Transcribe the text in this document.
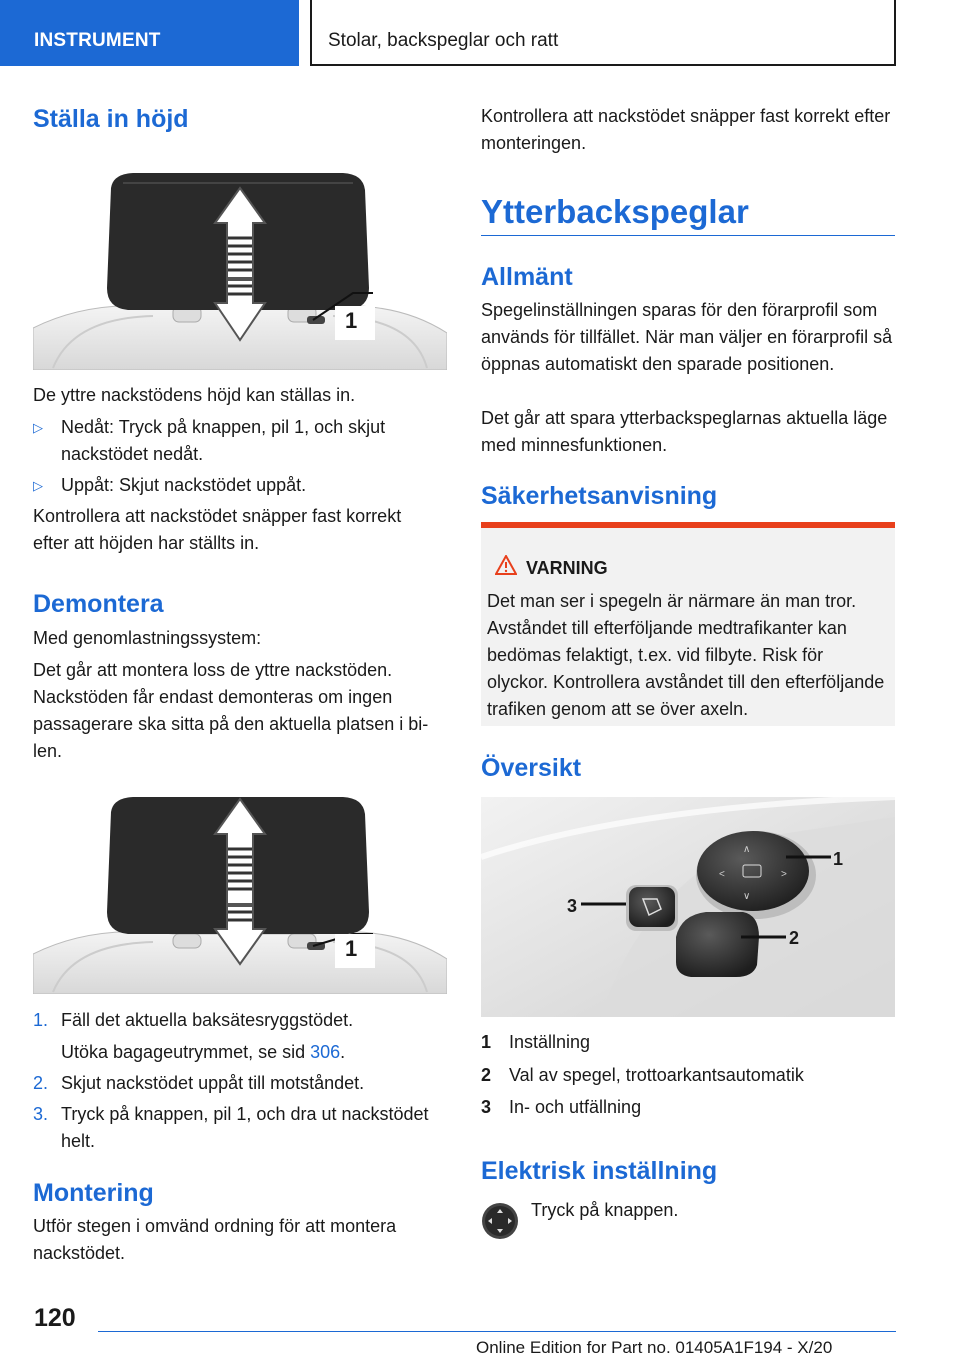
INSTRUMENT	Stolar, backspeglar och ratt
Ställa in höjd
1
De yttre nackstödens höjd kan ställas in.
▷ Nedåt: Tryck på knappen, pil 1, och skjut nackstödet nedåt.
▷ Uppåt: Skjut nackstödet uppåt.
Kontrollera att nackstödet snäpper fast korrekt efter att höjden har ställts in.
Demontera
Med genomlastningssystem:
Det går att montera loss de yttre nackstöden. Nackstöden får endast demonteras om ingen passagerare ska sitta på den aktuella platsen i bilen.
1
1. Fäll det aktuella baksätesryggstödet.
Utöka bagageutrymmet, se sid 306.
2. Skjut nackstödet uppåt till motståndet.
3. Tryck på knappen, pil 1, och dra ut nackstödet helt.
Montering
Utför stegen i omvänd ordning för att montera nackstödet.
Kontrollera att nackstödet snäpper fast korrekt efter monteringen.
Ytterbackspeglar
Allmänt
Spegelinställningen sparas för den förarprofil som används för tillfället. När man väljer en förarprofil så öppnas automatiskt den sparade positionen.
Det går att spara ytterbackspeglarnas aktuella läge med minnesfunktionen.
Säkerhetsanvisning
VARNING
Det man ser i spegeln är närmare än man tror. Avståndet till efterföljande medtrafikanter kan bedömas felaktigt, t.ex. vid filbyte. Risk för olyckor. Kontrollera avståndet till den efterföljande trafiken genom att se över axeln.
Översikt
∧
∨
<	>
1
2
3
1 Inställning
2 Val av spegel, trottoarkantsautomatik
3 In- och utfällning
Elektrisk inställning
Tryck på knappen.
120
Online Edition for Part no. 01405A1F194 - X/20
